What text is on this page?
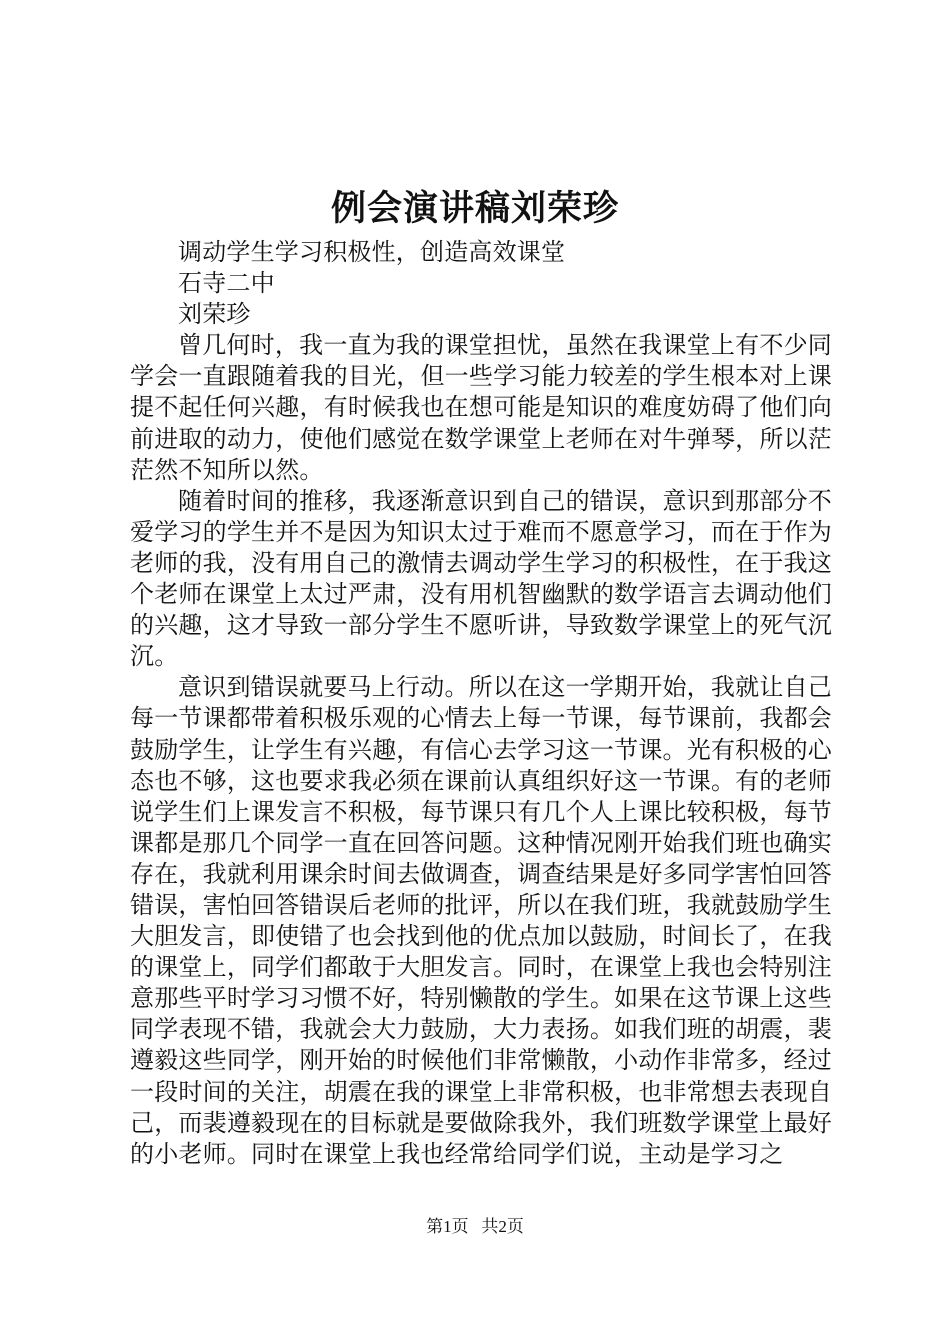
例会演讲稿刘荣珍

调动学生学习积极性，创造高效课堂

石寺二中

刘荣珍

曾几何时，我一直为我的课堂担忧，虽然在我课堂上有不少同学会一直跟随着我的目光，但一些学习能力较差的学生根本对上课提不起任何兴趣，有时候我也在想可能是知识的难度妨碍了他们向前进取的动力，使他们感觉在数学课堂上老师在对牛弹琴，所以茫茫然不知所以然。

随着时间的推移，我逐渐意识到自己的错误，意识到那部分不爱学习的学生并不是因为知识太过于难而不愿意学习，而在于作为老师的我，没有用自己的激情去调动学生学习的积极性，在于我这个老师在课堂上太过严肃，没有用机智幽默的数学语言去调动他们的兴趣，这才导致一部分学生不愿听讲，导致数学课堂上的死气沉沉。

意识到错误就要马上行动。所以在这一学期开始，我就让自己每一节课都带着积极乐观的心情去上每一节课，每节课前，我都会鼓励学生，让学生有兴趣，有信心去学习这一节课。光有积极的心态也不够，这也要求我必须在课前认真组织好这一节课。有的老师说学生们上课发言不积极，每节课只有几个人上课比较积极，每节课都是那几个同学一直在回答问题。这种情况刚开始我们班也确实存在，我就利用课余时间去做调查，调查结果是好多同学害怕回答错误，害怕回答错误后老师的批评，所以在我们班，我就鼓励学生大胆发言，即使错了也会找到他的优点加以鼓励，时间长了，在我的课堂上，同学们都敢于大胆发言。同时，在课堂上我也会特别注意那些平时学习习惯不好，特别懒散的学生。如果在这节课上这些同学表现不错，我就会大力鼓励，大力表扬。如我们班的胡震，裴遵毅这些同学，刚开始的时候他们非常懒散，小动作非常多，经过一段时间的关注，胡震在我的课堂上非常积极，也非常想去表现自己，而裴遵毅现在的目标就是要做除我外，我们班数学课堂上最好的小老师。同时在课堂上我也经常给同学们说，主动是学习之

第1页 共2页
